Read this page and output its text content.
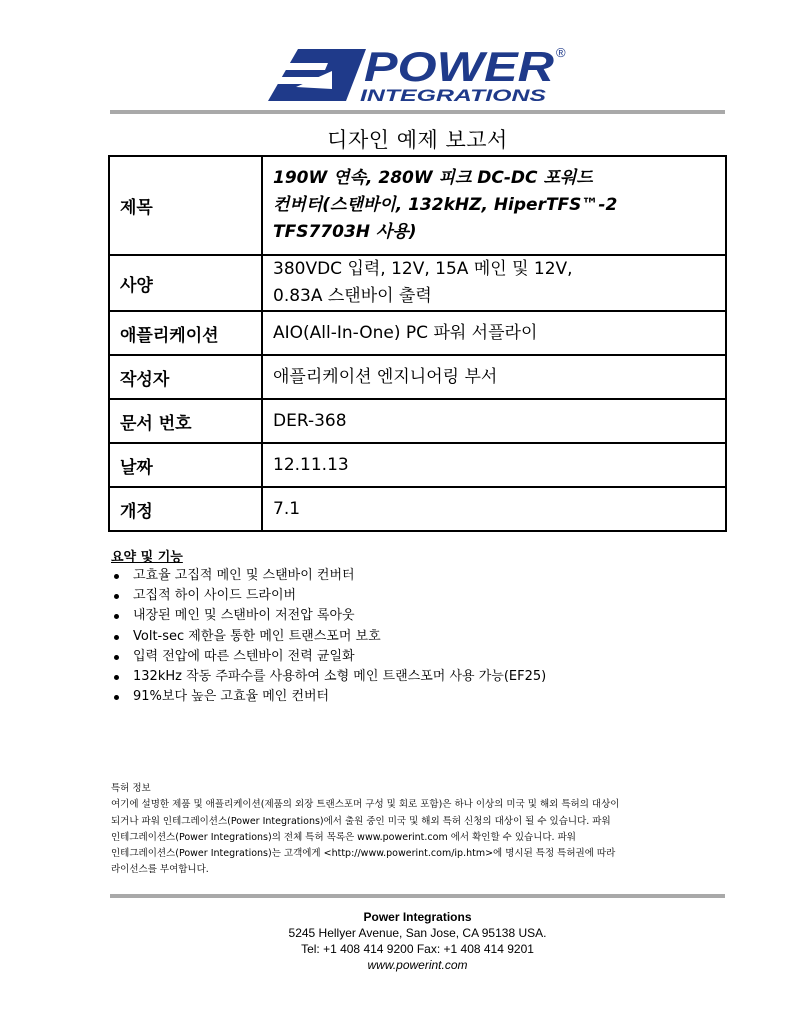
POWER ®
INTEGRATIONS
디자인 예제 보고서
제목	190W 연속, 280W 피크 DC-DC 포워드
컨버터(스탠바이, 132kHZ, HiperTFS™-2
TFS7703H 사용)

사양	380VDC 입력, 12V, 15A 메인 및 12V,
0.83A 스탠바이 출력

애플리케이션	AIO(All-In-One) PC 파워 서플라이
작성자	애플리케이션 엔지니어링 부서
문서 번호	DER-368
날짜	12.11.13
개정	7.1
요약 및 기능
고효율 고집적 메인 및 스탠바이 컨버터
고집적 하이 사이드 드라이버
내장된 메인 및 스탠바이 저전압 록아웃
Volt-sec 제한을 통한 메인 트랜스포머 보호
입력 전압에 따른 스텐바이 전력 균일화
132kHz 작동 주파수를 사용하여 소형 메인 트랜스포머 사용 가능(EF25)
91%보다 높은 고효율 메인 컨버터
특허 정보
여기에 설명한 제품 및 애플리케이션(제품의 외장 트랜스포머 구성 및 회로 포함)은 하나 이상의 미국 및 해외 특허의 대상이
되거나 파워 인테그레이션스(Power Integrations)에서 출원 중인 미국 및 해외 특허 신청의 대상이 될 수 있습니다. 파워
인테그레이션스(Power Integrations)의 전체 특허 목록은 www.powerint.com 에서 확인할 수 있습니다. 파워
인테그레이션스(Power Integrations)는 고객에게 <http://www.powerint.com/ip.htm>에 명시된 특정 특허권에 따라
라이선스를 부여합니다.
Power Integrations
5245 Hellyer Avenue, San Jose, CA 95138 USA.
Tel: +1 408 414 9200 Fax: +1 408 414 9201
www.powerint.com
